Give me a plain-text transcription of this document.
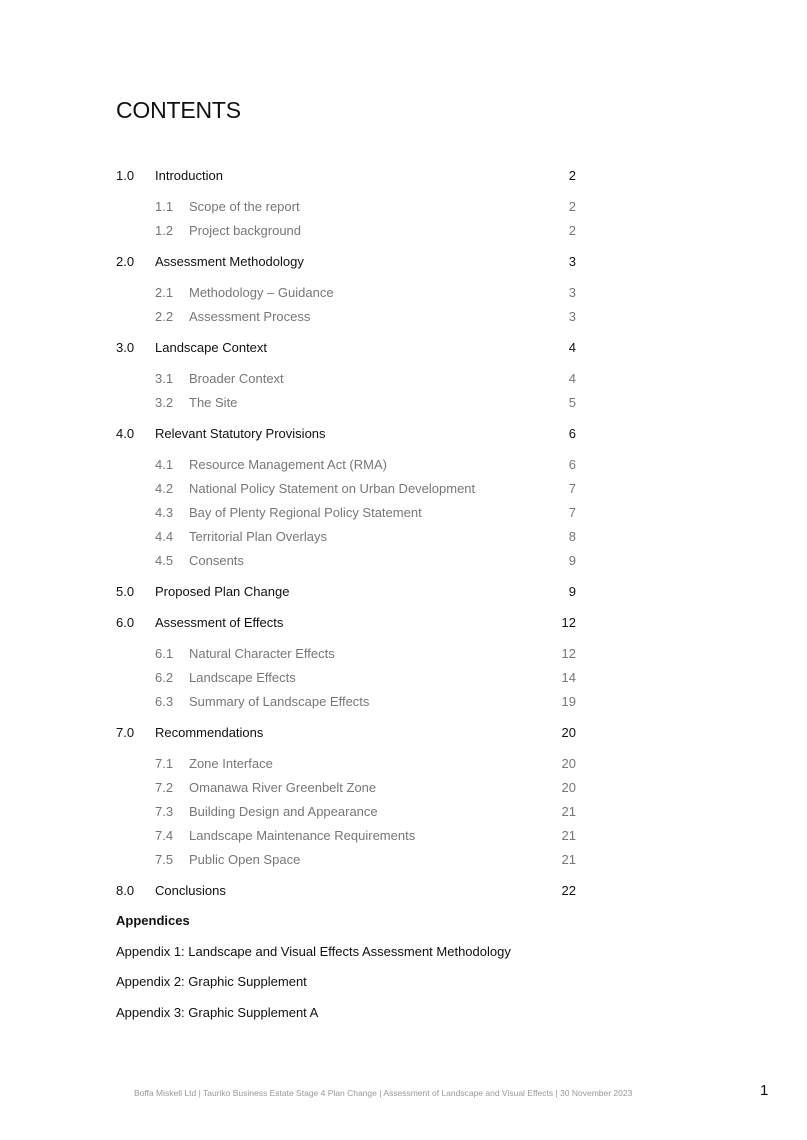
CONTENTS
1.0 Introduction	2
1.1 Scope of the report	2
1.2 Project background	2
2.0 Assessment Methodology	3
2.1 Methodology – Guidance	3
2.2 Assessment Process	3
3.0 Landscape Context	4
3.1 Broader Context	4
3.2 The Site	5
4.0 Relevant Statutory Provisions	6
4.1 Resource Management Act (RMA)	6
4.2 National Policy Statement on Urban Development	7
4.3 Bay of Plenty Regional Policy Statement	7
4.4 Territorial Plan Overlays	8
4.5 Consents	9
5.0 Proposed Plan Change	9
6.0 Assessment of Effects	12
6.1 Natural Character Effects	12
6.2 Landscape Effects	14
6.3 Summary of Landscape Effects	19
7.0 Recommendations	20
7.1 Zone Interface	20
7.2 Omanawa River Greenbelt Zone	20
7.3 Building Design and Appearance	21
7.4 Landscape Maintenance Requirements	21
7.5 Public Open Space	21
8.0 Conclusions	22
Appendices
Appendix 1: Landscape and Visual Effects Assessment Methodology
Appendix 2: Graphic Supplement
Appendix 3: Graphic Supplement A
Boffa Miskell Ltd | Tauriko Business Estate Stage 4 Plan Change | Assessment of Landscape and Visual Effects | 30 November 2023	1
